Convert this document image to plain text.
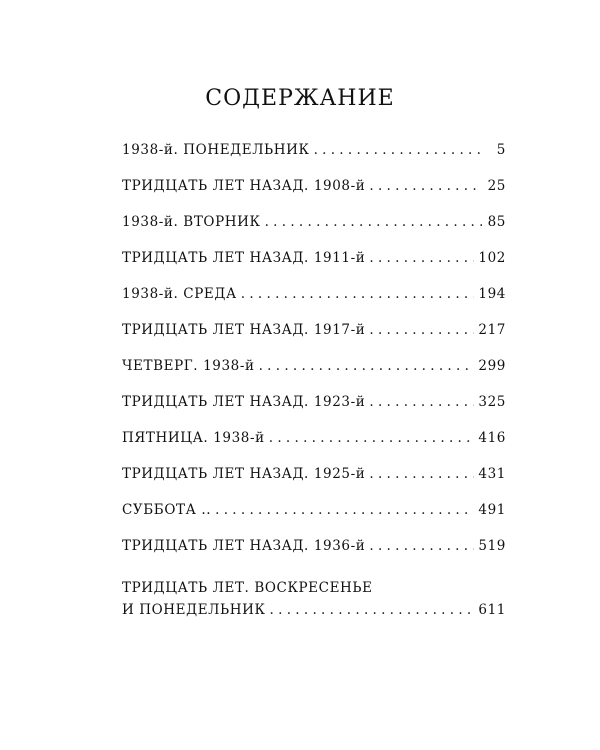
СОДЕРЖАНИЕ
1938-й. ПОНЕДЕЛЬНИК . . .	5
ТРИДЦАТЬ ЛЕТ НАЗАД. 1908-й . . .	25
1938-й. ВТОРНИК . . .	85
ТРИДЦАТЬ ЛЕТ НАЗАД. 1911-й . . .	102
1938-й. СРЕДА . . .	194
ТРИДЦАТЬ ЛЕТ НАЗАД. 1917-й . . .	217
ЧЕТВЕРГ. 1938-й . . .	299
ТРИДЦАТЬ ЛЕТ НАЗАД. 1923-й . . .	325
ПЯТНИЦА. 1938-й . . .	416
ТРИДЦАТЬ ЛЕТ НАЗАД. 1925-й . . .	431
СУББОТА .. . . .	491
ТРИДЦАТЬ ЛЕТ НАЗАД. 1936-й . . .	519
ТРИДЦАТЬ ЛЕТ. ВОСКРЕСЕНЬЕ
И ПОНЕДЕЛЬНИК . . .	611
